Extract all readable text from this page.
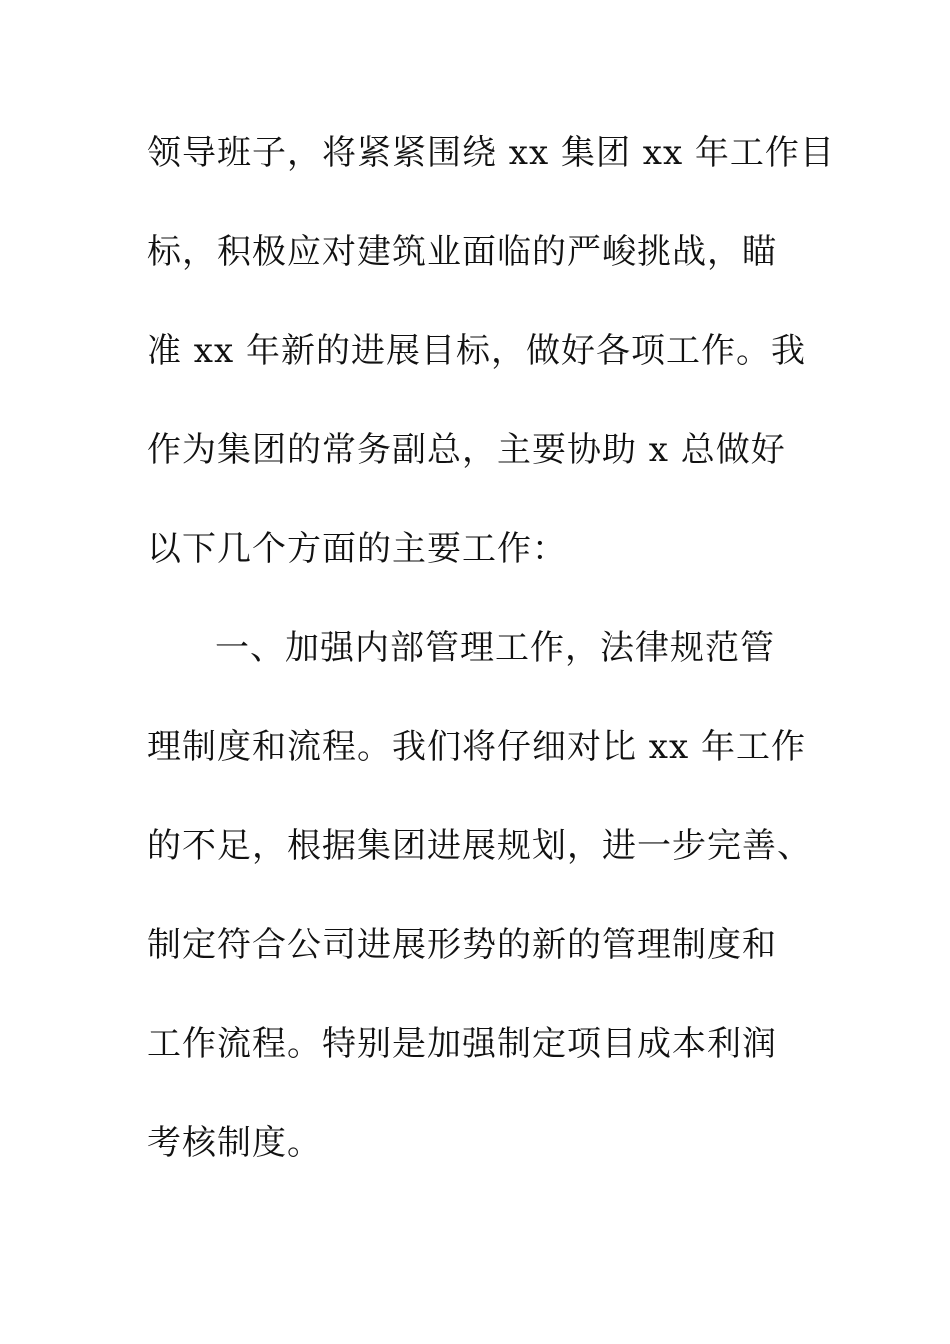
领导班子，将紧紧围绕 xx 集团 xx 年工作目
标，积极应对建筑业面临的严峻挑战，瞄
准 xx 年新的进展目标，做好各项工作。我
作为集团的常务副总，主要协助 x 总做好
以下几个方面的主要工作：
一、加强内部管理工作，法律规范管
理制度和流程。我们将仔细对比 xx 年工作
的不足，根据集团进展规划，进一步完善、
制定符合公司进展形势的新的管理制度和
工作流程。特别是加强制定项目成本利润
考核制度。
